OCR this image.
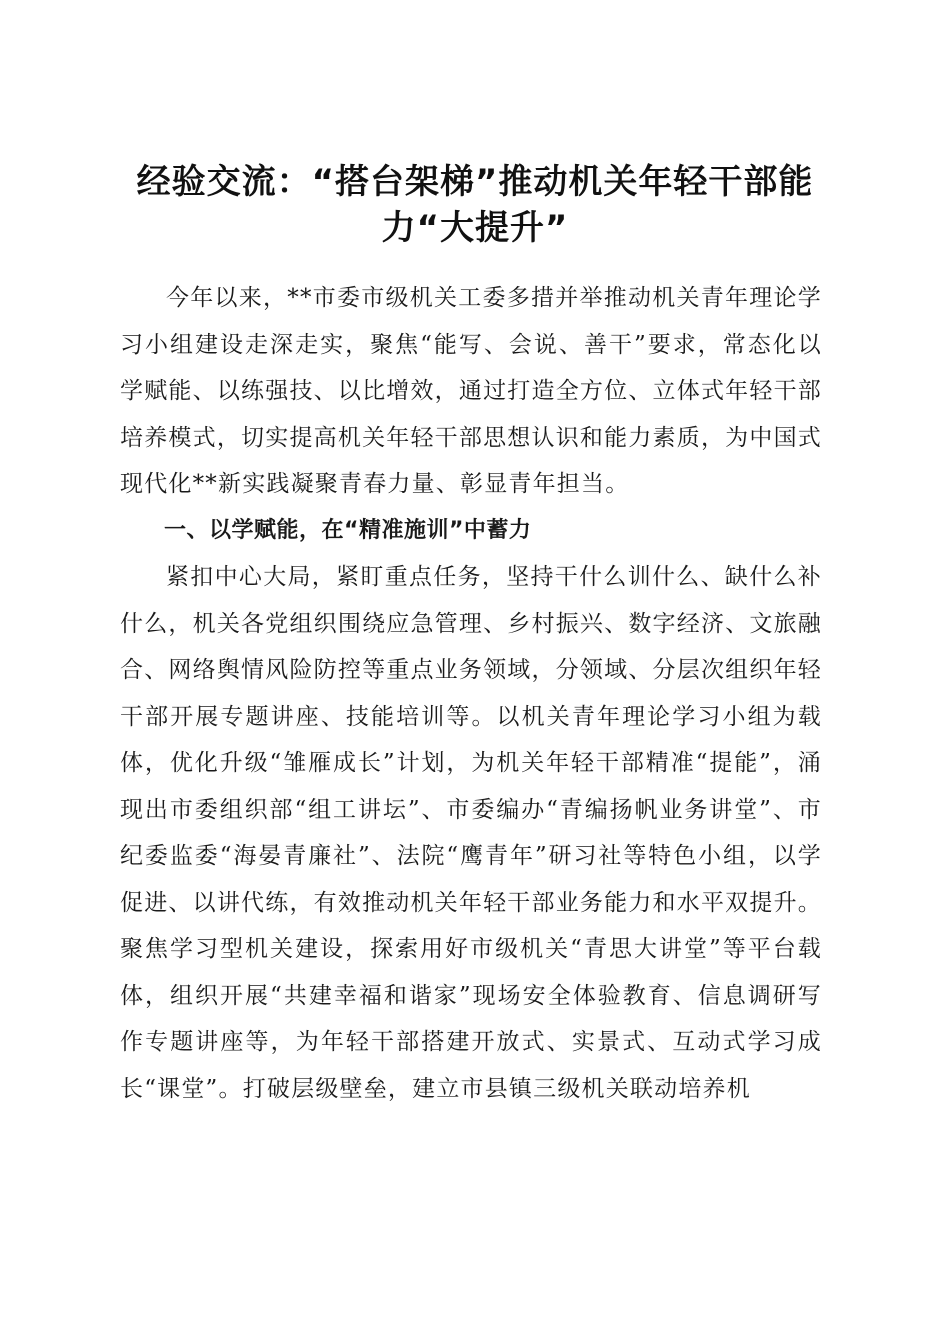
经验交流：“搭台架梯”推动机关年轻干部能
力“大提升”

今年以来，**市委市级机关工委多措并举推动机关青年理论学习小组建设走深走实，聚焦“能写、会说、善干”要求，常态化以学赋能、以练强技、以比增效，通过打造全方位、立体式年轻干部培养模式，切实提高机关年轻干部思想认识和能力素质，为中国式现代化**新实践凝聚青春力量、彰显青年担当。

一、以学赋能，在“精准施训”中蓄力

紧扣中心大局，紧盯重点任务，坚持干什么训什么、缺什么补什么，机关各党组织围绕应急管理、乡村振兴、数字经济、文旅融合、网络舆情风险防控等重点业务领域，分领域、分层次组织年轻干部开展专题讲座、技能培训等。以机关青年理论学习小组为载体，优化升级“雏雁成长”计划，为机关年轻干部精准“提能”，涌现出市委组织部“组工讲坛”、市委编办“青编扬帆业务讲堂”、市纪委监委“海晏青廉社”、法院“鹰青年”研习社等特色小组，以学促进、以讲代练，有效推动机关年轻干部业务能力和水平双提升。聚焦学习型机关建设，探索用好市级机关“青思大讲堂”等平台载体，组织开展“共建幸福和谐家”现场安全体验教育、信息调研写作专题讲座等，为年轻干部搭建开放式、实景式、互动式学习成长“课堂”。打破层级壁垒，建立市县镇三级机关联动培养机
